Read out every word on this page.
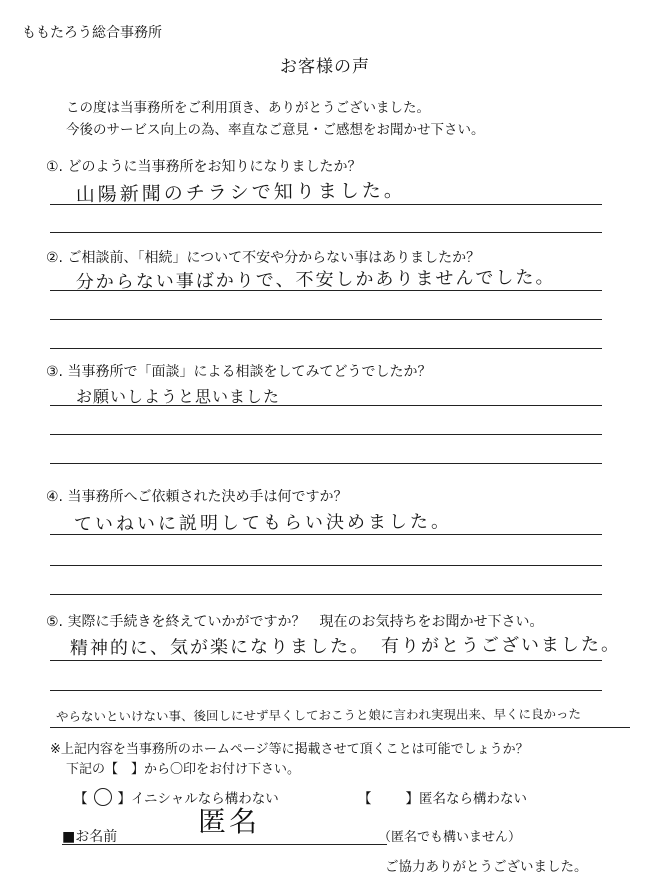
ももたろう総合事務所
お客様の声
この度は当事務所をご利用頂き、ありがとうございました。
今後のサービス向上の為、率直なご意見・ご感想をお聞かせ下さい。
①. どのように当事務所をお知りになりましたか？
山陽新聞のチラシで知りました。
②. ご相談前、「相続」について不安や分からない事はありましたか？
分からない事ばかりで、不安しかありませんでした。
③. 当事務所で「面談」による相談をしてみてどうでしたか？
お願いしようと思いました
④. 当事務所へご依頼された決め手は何ですか？
ていねいに説明してもらい決めました。
⑤. 実際に手続きを終えていかがですか？　現在のお気持ちをお聞かせ下さい。
精神的に、気が楽になりました。　有りがとうございました。
やらないといけない事、後回しにせず早くしておこうと娘に言われ実現出来、早くに良かった
※上記内容を当事務所のホームページ等に掲載させて頂くことは可能でしょうか？
下記の【　】から〇印をお付け下さい。
【 ○ 】イニシャルなら構わない	【	】匿名なら構わない
■お名前	匿名	（匿名でも構いません）
ご協力ありがとうございました。
